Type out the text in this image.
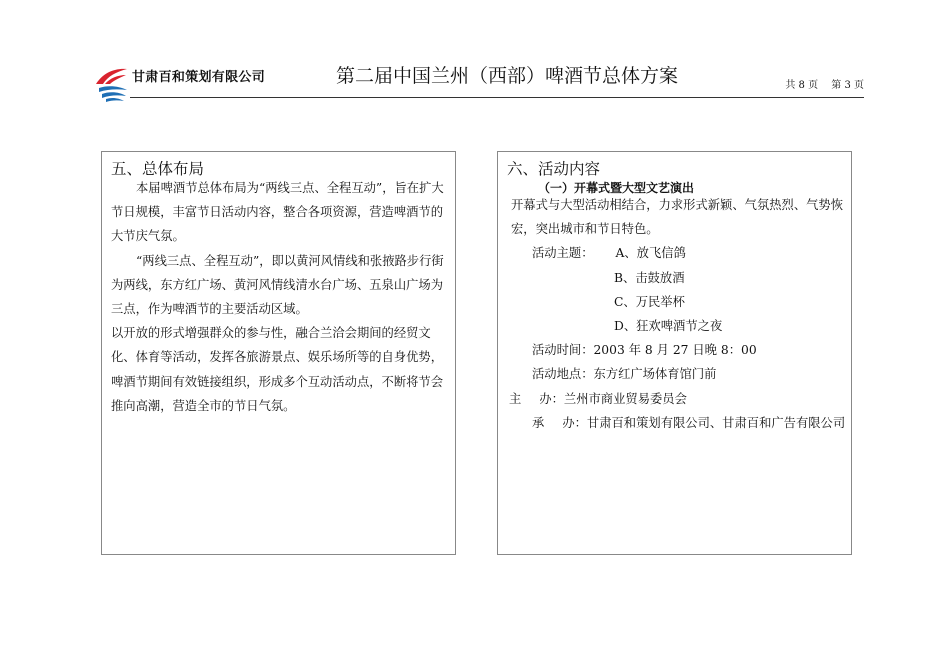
甘肃百和策划有限公司	第二届中国兰州（西部）啤酒节总体方案	共 8 页 第 3 页
五、总体布局

本届啤酒节总体布局为“两线三点、全程互动”，旨在扩大节日规模，丰富节日活动内容，整合各项资源，营造啤酒节的大节庆气氛。

“两线三点、全程互动”，即以黄河风情线和张掖路步行街为两线，东方红广场、黄河风情线清水台广场、五泉山广场为三点，作为啤酒节的主要活动区域。

以开放的形式增强群众的参与性，融合兰洽会期间的经贸文化、体育等活动，发挥各旅游景点、娱乐场所等的自身优势，啤酒节期间有效链接组织，形成多个互动活动点，不断将节会推向高潮，营造全市的节日气氛。

六、活动内容
（一）开幕式暨大型文艺演出
开幕式与大型活动相结合，力求形式新颖、气氛热烈、气势恢宏，突出城市和节日特色。
活动主题： A、放飞信鸽
B、击鼓放酒
C、万民举杯
D、狂欢啤酒节之夜
活动时间：2003 年 8 月 27 日晚 8：00
活动地点：东方红广场体育馆门前
主 办：兰州市商业贸易委员会
承 办：甘肃百和策划有限公司、甘肃百和广告有限公司
